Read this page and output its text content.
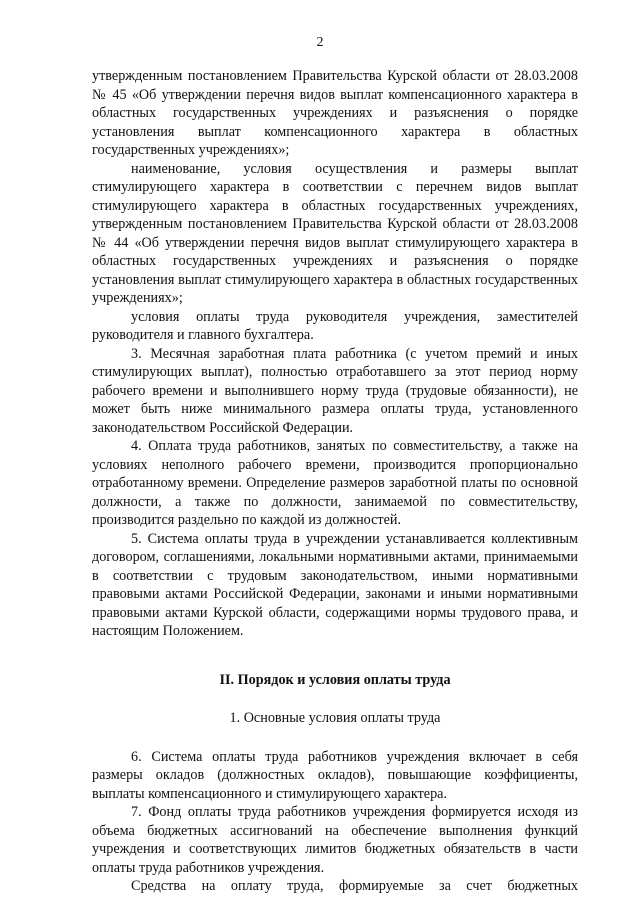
2

утвержденным постановлением Правительства Курской области от 28.03.2008 № 45 «Об утверждении перечня видов выплат компенсационного характера в областных государственных учреждениях и разъяснения о порядке установления выплат компенсационного характера в областных государственных учреждениях»;

наименование, условия осуществления и размеры выплат стимулирующего характера в соответствии с перечнем видов выплат стимулирующего характера в областных государственных учреждениях, утвержденным постановлением Правительства Курской области от 28.03.2008 № 44 «Об утверждении перечня видов выплат стимулирующего характера в областных государственных учреждениях и разъяснения о порядке установления выплат стимулирующего характера в областных государственных учреждениях»;

условия оплаты труда руководителя учреждения, заместителей руководителя и главного бухгалтера.

3. Месячная заработная плата работника (с учетом премий и иных стимулирующих выплат), полностью отработавшего за этот период норму рабочего времени и выполнившего норму труда (трудовые обязанности), не может быть ниже минимального размера оплаты труда, установленного законодательством Российской Федерации.

4. Оплата труда работников, занятых по совместительству, а также на условиях неполного рабочего времени, производится пропорционально отработанному времени. Определение размеров заработной платы по основной должности, а также по должности, занимаемой по совместительству, производится раздельно по каждой из должностей.

5. Система оплаты труда в учреждении устанавливается коллективным договором, соглашениями, локальными нормативными актами, принимаемыми в соответствии с трудовым законодательством, иными нормативными правовыми актами Российской Федерации, законами и иными нормативными правовыми актами Курской области, содержащими нормы трудового права, и настоящим Положением.

II. Порядок и условия оплаты труда

1. Основные условия оплаты труда

6. Система оплаты труда работников учреждения включает в себя размеры окладов (должностных окладов), повышающие коэффициенты, выплаты компенсационного и стимулирующего характера.

7. Фонд оплаты труда работников учреждения формируется исходя из объема бюджетных ассигнований на обеспечение выполнения функций учреждения и соответствующих лимитов бюджетных обязательств в части оплаты труда работников учреждения.

Средства на оплату труда, формируемые за счет бюджетных
